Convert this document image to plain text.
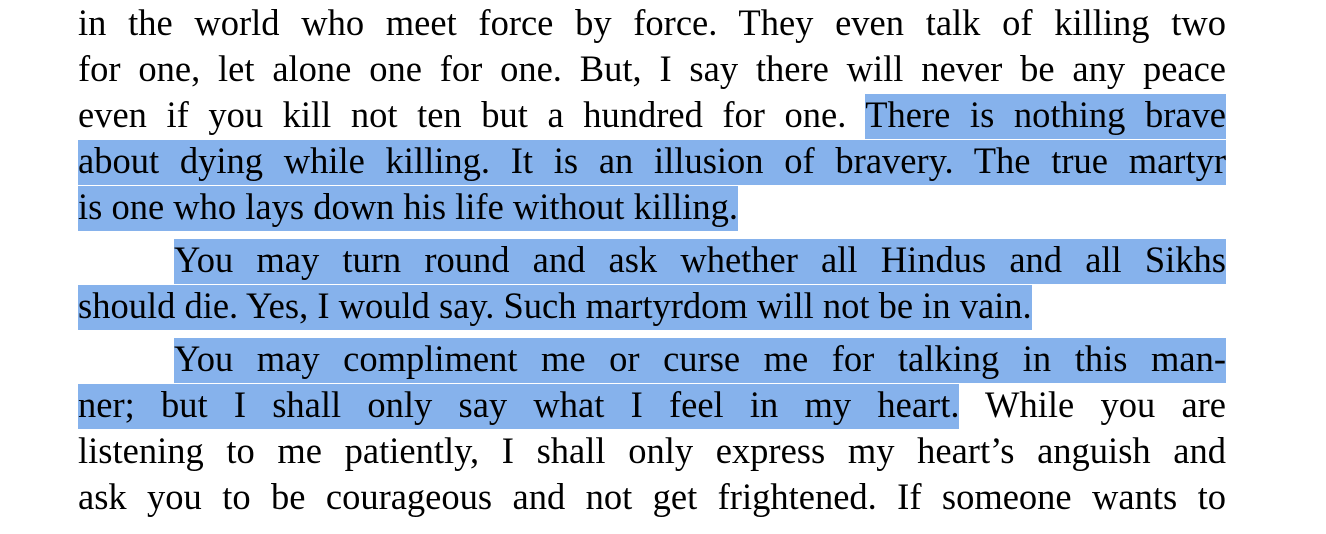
in the world who meet force by force. They even talk of killing two
for one, let alone one for one. But, I say there will never be any peace
even if you kill not ten but a hundred for one. There is nothing brave
about dying while killing. It is an illusion of bravery. The true martyr
is one who lays down his life without killing.
You may turn round and ask whether all Hindus and all Sikhs
should die. Yes, I would say. Such martyrdom will not be in vain.
You may compliment me or curse me for talking in this man-
ner; but I shall only say what I feel in my heart. While you are
listening to me patiently, I shall only express my heart’s anguish and
ask you to be courageous and not get frightened. If someone wants to
